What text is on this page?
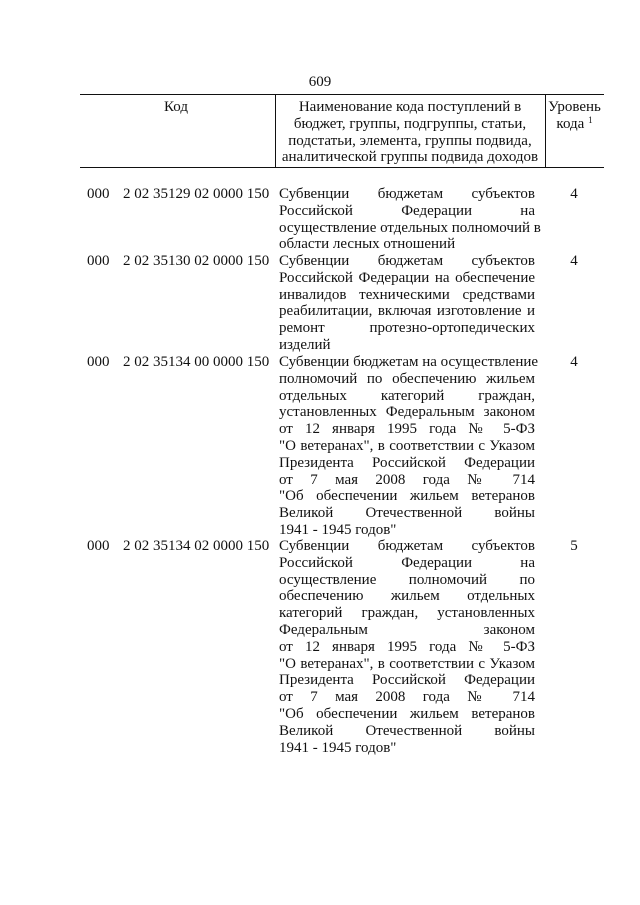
609
Код	Наименование кода поступлений в
бюджет, группы, подгруппы, статьи,
подстатьи, элемента, группы подвида,
аналитической группы подвида доходов
Уровень
кода $^1$
000 2 02 35129 02 0000 150 Субвенции бюджетам субъектов
Российской Федерации на
осуществление отдельных полномочий в
области лесных отношений
4
000 2 02 35130 02 0000 150 Субвенции бюджетам субъектов
Российской Федерации на обеспечение
инвалидов техническими средствами
реабилитации, включая изготовление и
ремонт протезно-ортопедических
изделий
4
000 2 02 35134 00 0000 150 Субвенции бюджетам на осуществление
полномочий по обеспечению жильем
отдельных категорий граждан,
установленных Федеральным законом
от 12 января 1995 года № 5-ФЗ
"О ветеранах", в соответствии с Указом
Президента Российской Федерации
от 7 мая 2008 года № 714
"Об обеспечении жильем ветеранов
Великой Отечественной войны
1941 - 1945 годов"
4
000 2 02 35134 02 0000 150 Субвенции бюджетам субъектов
Российской Федерации на
осуществление полномочий по
обеспечению жильем отдельных
категорий граждан, установленных
Федеральным законом
от 12 января 1995 года № 5-ФЗ
"О ветеранах", в соответствии с Указом
Президента Российской Федерации
от 7 мая 2008 года № 714
"Об обеспечении жильем ветеранов
Великой Отечественной войны
1941 - 1945 годов"
5
